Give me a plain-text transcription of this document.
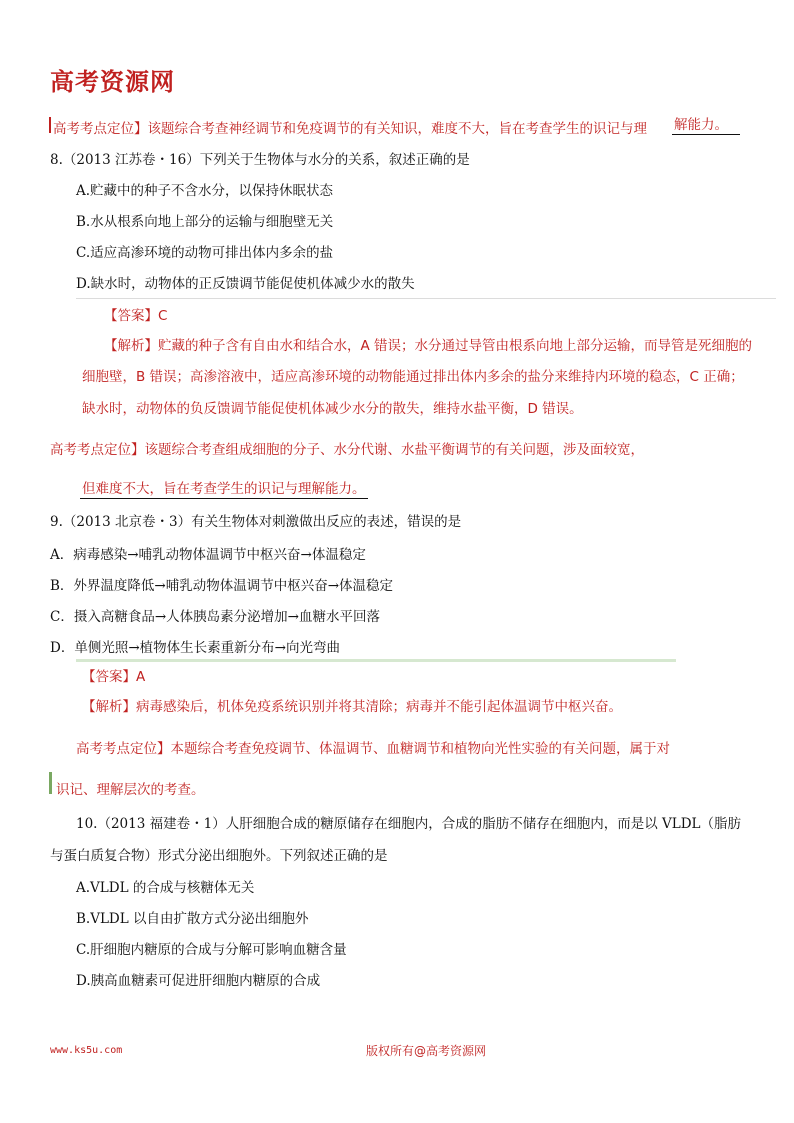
高考资源网
高考考点定位】该题综合考查神经调节和免疫调节的有关知识，难度不大，旨在考查学生的识记与理 解能力。
8.（2013 江苏卷・16）下列关于生物体与水分的关系，叙述正确的是
A.贮藏中的种子不含水分，以保持休眠状态
B.水从根系向地上部分的运输与细胞壁无关
C.适应高渗环境的动物可排出体内多余的盐
D.缺水时，动物体的正反馈调节能促使机体减少水的散失
【答案】C
【解析】贮藏的种子含有自由水和结合水，A 错误；水分通过导管由根系向地上部分运输，而导管是死细胞的
细胞壁，B 错误；高渗溶液中，适应高渗环境的动物能通过排出体内多余的盐分来维持内环境的稳态，C 正确；
缺水时，动物体的负反馈调节能促使机体减少水分的散失，维持水盐平衡，D 错误。
高考考点定位】该题综合考查组成细胞的分子、水分代谢、水盐平衡调节的有关问题，涉及面较宽，
但难度不大，旨在考查学生的识记与理解能力。
9.（2013 北京卷・3）有关生物体对刺激做出反应的表述，错误的是
A．病毒感染→哺乳动物体温调节中枢兴奋→体温稳定
B．外界温度降低→哺乳动物体温调节中枢兴奋→体温稳定
C．摄入高糖食品→人体胰岛素分泌增加→血糖水平回落
D．单侧光照→植物体生长素重新分布→向光弯曲
【答案】A
【解析】病毒感染后，机体免疫系统识别并将其清除；病毒并不能引起体温调节中枢兴奋。
高考考点定位】本题综合考查免疫调节、体温调节、血糖调节和植物向光性实验的有关问题，属于对
识记、理解层次的考查。
10.（2013 福建卷・1）人肝细胞合成的糖原储存在细胞内，合成的脂肪不储存在细胞内，而是以 VLDL（脂肪
与蛋白质复合物）形式分泌出细胞外。下列叙述正确的是
A.VLDL 的合成与核糖体无关
B.VLDL 以自由扩散方式分泌出细胞外
C.肝细胞内糖原的合成与分解可影响血糖含量
D.胰高血糖素可促进肝细胞内糖原的合成
www.ks5u.com	版权所有@高考资源网
